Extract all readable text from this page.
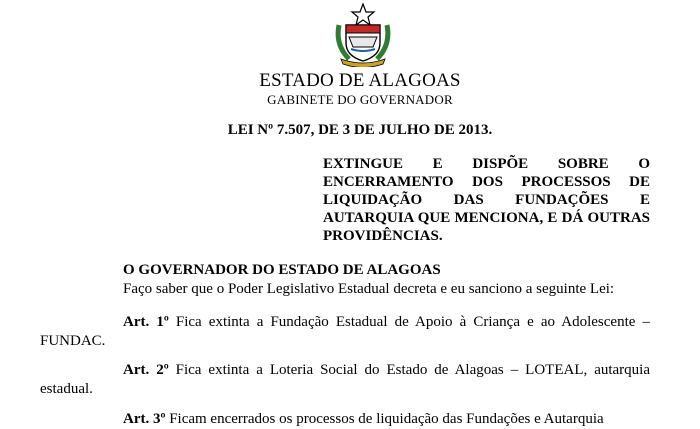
ESTADO DE ALAGOAS
GABINETE DO GOVERNADOR
LEI Nº 7.507, DE 3 DE JULHO DE 2013.
EXTINGUE E DISPÕE SOBRE O ENCERRAMENTO DOS PROCESSOS DE LIQUIDAÇÃO DAS FUNDAÇÕES E AUTARQUIA QUE MENCIONA, E DÁ OUTRAS PROVIDÊNCIAS.
O GOVERNADOR DO ESTADO DE ALAGOAS
Faço saber que o Poder Legislativo Estadual decreta e eu sanciono a seguinte Lei:
Art. 1º Fica extinta a Fundação Estadual de Apoio à Criança e ao Adolescente – FUNDAC.
Art. 2º Fica extinta a Loteria Social do Estado de Alagoas – LOTEAL, autarquia estadual.
Art. 3º Ficam encerrados os processos de liquidação das Fundações e Autarquia
